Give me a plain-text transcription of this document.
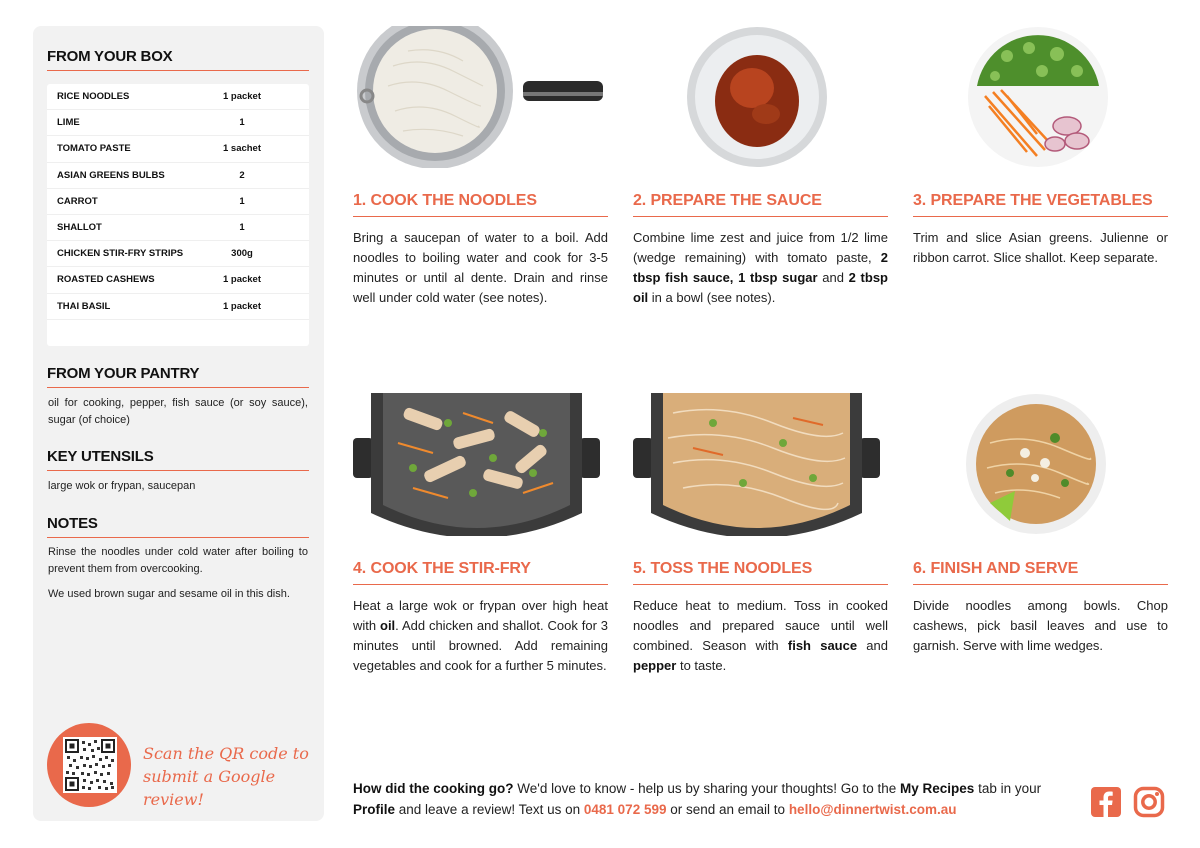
FROM YOUR BOX
RICE NOODLES	1 packet
LIME	1
TOMATO PASTE	1 sachet
ASIAN GREENS BULBS	2
CARROT	1
SHALLOT	1
CHICKEN STIR-FRY STRIPS	300g
ROASTED CASHEWS	1 packet
THAI BASIL	1 packet
FROM YOUR PANTRY
oil for cooking, pepper, fish sauce (or soy sauce), sugar (of choice)
KEY UTENSILS
large wok or frypan, saucepan
NOTES
Rinse the noodles under cold water after boiling to prevent them from overcooking.
We used brown sugar and sesame oil in this dish.
Scan the QR code to
submit a Google review!
1. COOK THE NOODLES
Bring a saucepan of water to a boil. Add noodles to boiling water and cook for 3-5 minutes or until al dente. Drain and rinse well under cold water (see notes).
2. PREPARE THE SAUCE
Combine lime zest and juice from 1/2 lime (wedge remaining) with tomato paste, 2 tbsp fish sauce, 1 tbsp sugar and 2 tbsp oil in a bowl (see notes).
3. PREPARE THE VEGETABLES
Trim and slice Asian greens. Julienne or ribbon carrot. Slice shallot. Keep separate.
4. COOK THE STIR-FRY
Heat a large wok or frypan over high heat with oil. Add chicken and shallot. Cook for 3 minutes until browned. Add remaining vegetables and cook for a further 5 minutes.
5. TOSS THE NOODLES
Reduce heat to medium. Toss in cooked noodles and prepared sauce until well combined. Season with fish sauce and pepper to taste.
6. FINISH AND SERVE
Divide noodles among bowls. Chop cashews, pick basil leaves and use to garnish. Serve with lime wedges.
How did the cooking go? We'd love to know - help us by sharing your thoughts! Go to the My Recipes tab in your Profile and leave a review! Text us on 0481 072 599 or send an email to hello@dinnertwist.com.au
